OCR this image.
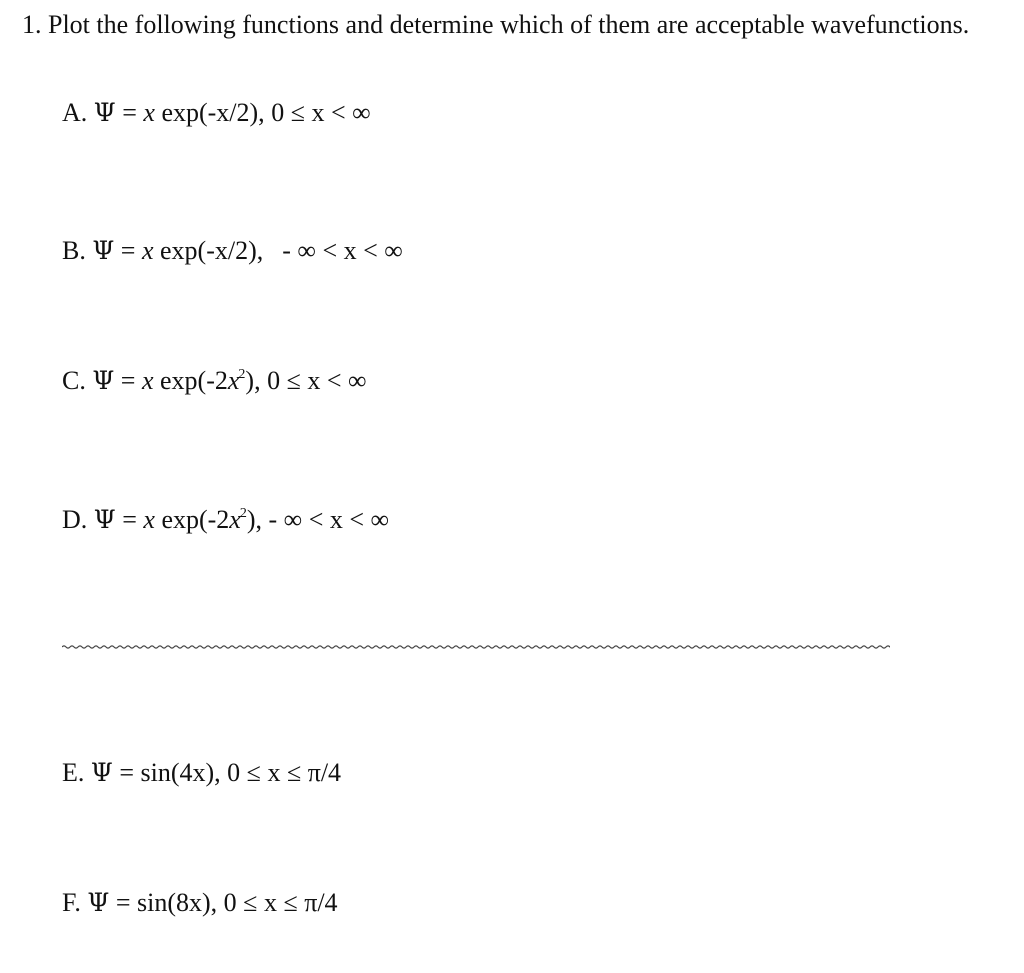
1. Plot the following functions and determine which of them are acceptable wavefunctions.
A. Ψ = x exp(-x/2), 0 ≤ x < ∞
B. Ψ = x exp(-x/2), - ∞ < x < ∞
C. Ψ = x $\exp(-2x^2)$, 0 ≤ x < ∞
D. Ψ = x $\exp(-2x^2)$, - ∞ < x < ∞
E. Ψ = sin(4x), 0 ≤ x ≤ π/4
F. Ψ = sin(8x), 0 ≤ x ≤ π/4
